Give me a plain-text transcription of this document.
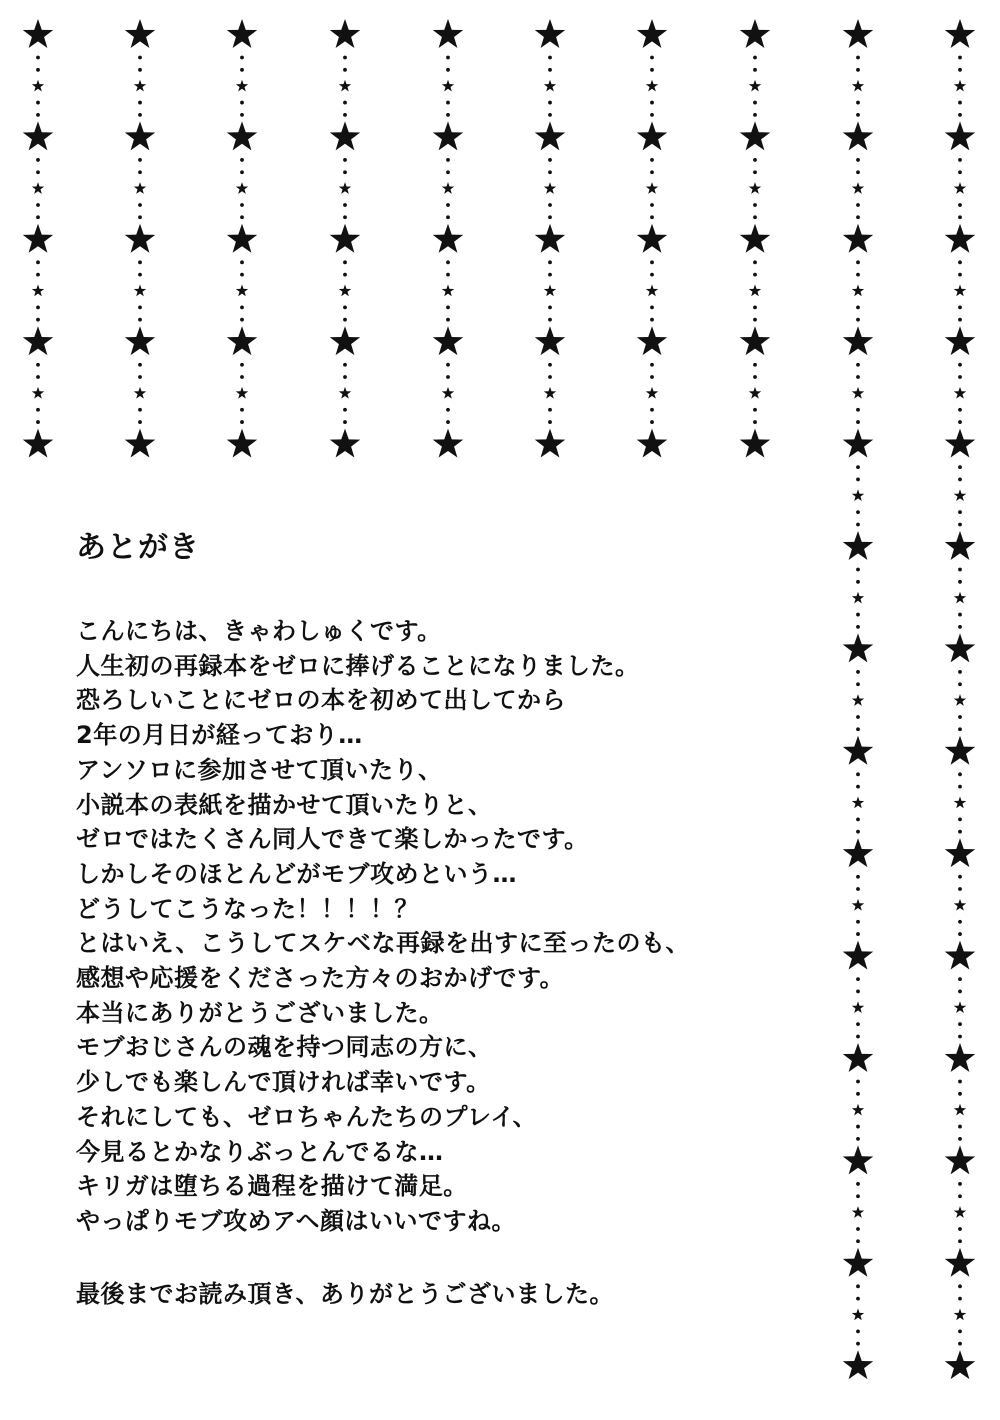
あとがき
こんにちは、きゃわしゅくです。
人生初の再録本をゼロに捧げることになりました。
恐ろしいことにゼロの本を初めて出してから
2年の月日が経っており…
アンソロに参加させて頂いたり、
小説本の表紙を描かせて頂いたりと、
ゼロではたくさん同人できて楽しかったです。
しかしそのほとんどがモブ攻めという…
どうしてこうなった！！！！？
とはいえ、こうしてスケベな再録を出すに至ったのも、
感想や応援をくださった方々のおかげです。
本当にありがとうございました。
モブおじさんの魂を持つ同志の方に、
少しでも楽しんで頂ければ幸いです。
それにしても、ゼロちゃんたちのプレイ、
今見るとかなりぶっとんでるな…
キリガは堕ちる過程を描けて満足。
やっぱりモブ攻めアヘ顔はいいですね。

最後までお読み頂き、ありがとうございました。
